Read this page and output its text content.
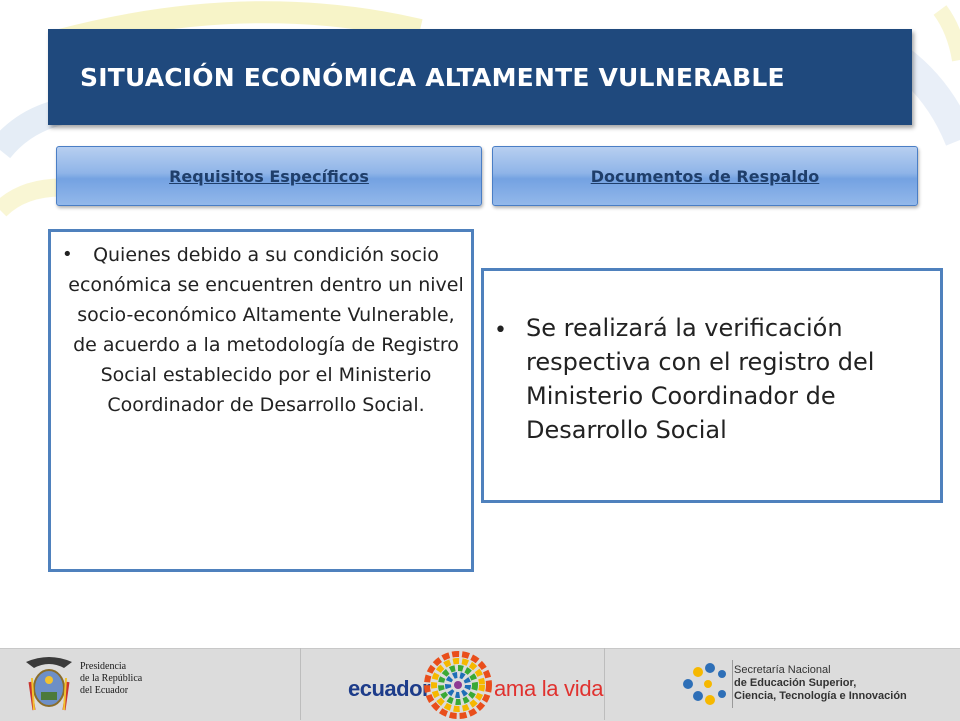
SITUACIÓN ECONÓMICA ALTAMENTE VULNERABLE
Requisitos Específicos	Documentos de Respaldo
•	Quienes debido a su condición socio económica se encuentren dentro un nivel socio-económico Altamente Vulnerable, de acuerdo a la metodología de Registro Social establecido por el Ministerio Coordinador de Desarrollo Social.
• Se realizará la verificación respectiva con el registro del Ministerio Coordinador de Desarrollo Social
Presidencia
de la República
del Ecuador	ecuador	ama la vida
Secretaría Nacional
de Educación Superior,
Ciencia, Tecnología e Innovación
